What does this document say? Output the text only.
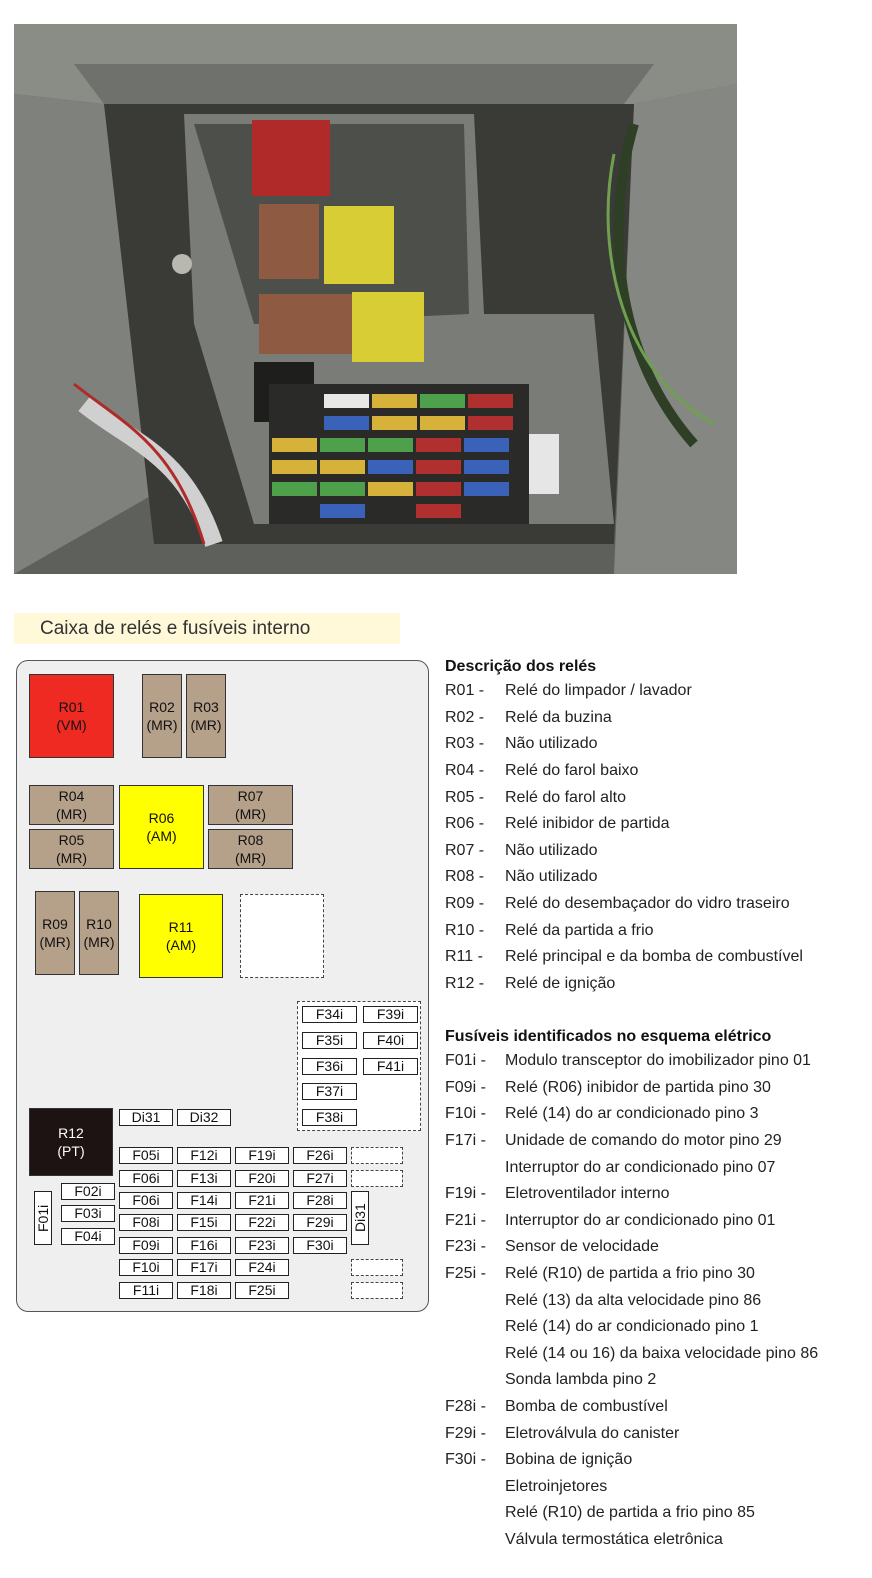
Caixa de relés e fusíveis interno
R01
(VM)
R02
(MR)
R03
(MR)
R04
(MR)
R05
(MR)
R06
(AM)
R07
(MR)
R08
(MR)
R09
(MR)
R10
(MR)
R11
(AM)
R12
(PT)
F34i	F39i
F35i	F40i
F36i	F41i
F37i
F38i
Di31	Di32
F05i	F12i	F19i	F26i
F06i	F13i	F20i	F27i
F02i
F06i	F14i	F21i	F28i
F03i
F08i	F15i	F22i	F29i
F04i
F09i	F16i	F23i	F30i
F10i	F17i	F24i
F11i	F18i	F25i
F01i	Di31
Descrição dos relés
R01 -	Relé do limpador / lavador
R02 -	Relé da buzina
R03 -	Não utilizado
R04 -	Relé do farol baixo
R05 -	Relé do farol alto
R06 -	Relé inibidor de partida
R07 -	Não utilizado
R08 -	Não utilizado
R09 -	Relé do desembaçador do vidro traseiro
R10 -	Relé da partida a frio
R11 -	Relé principal e da bomba de combustível
R12 -	Relé de ignição
Fusíveis identificados no esquema elétrico
F01i -	Modulo transceptor do imobilizador pino 01
F09i -	Relé (R06) inibidor de partida pino 30
F10i -	Relé (14) do ar condicionado pino 3
F17i -	Unidade de comando do motor pino 29
Interruptor do ar condicionado pino 07
F19i -	Eletroventilador interno
F21i -	Interruptor do ar condicionado pino 01
F23i -	Sensor de velocidade
F25i -	Relé (R10) de partida a frio pino 30
Relé (13) da alta velocidade pino 86
Relé (14) do ar condicionado pino 1
Relé (14 ou 16) da baixa velocidade pino 86
Sonda lambda pino 2
F28i -	Bomba de combustível
F29i -	Eletroválvula do canister
F30i -	Bobina de ignição
Eletroinjetores
Relé (R10) de partida a frio pino 85
Válvula termostática eletrônica
